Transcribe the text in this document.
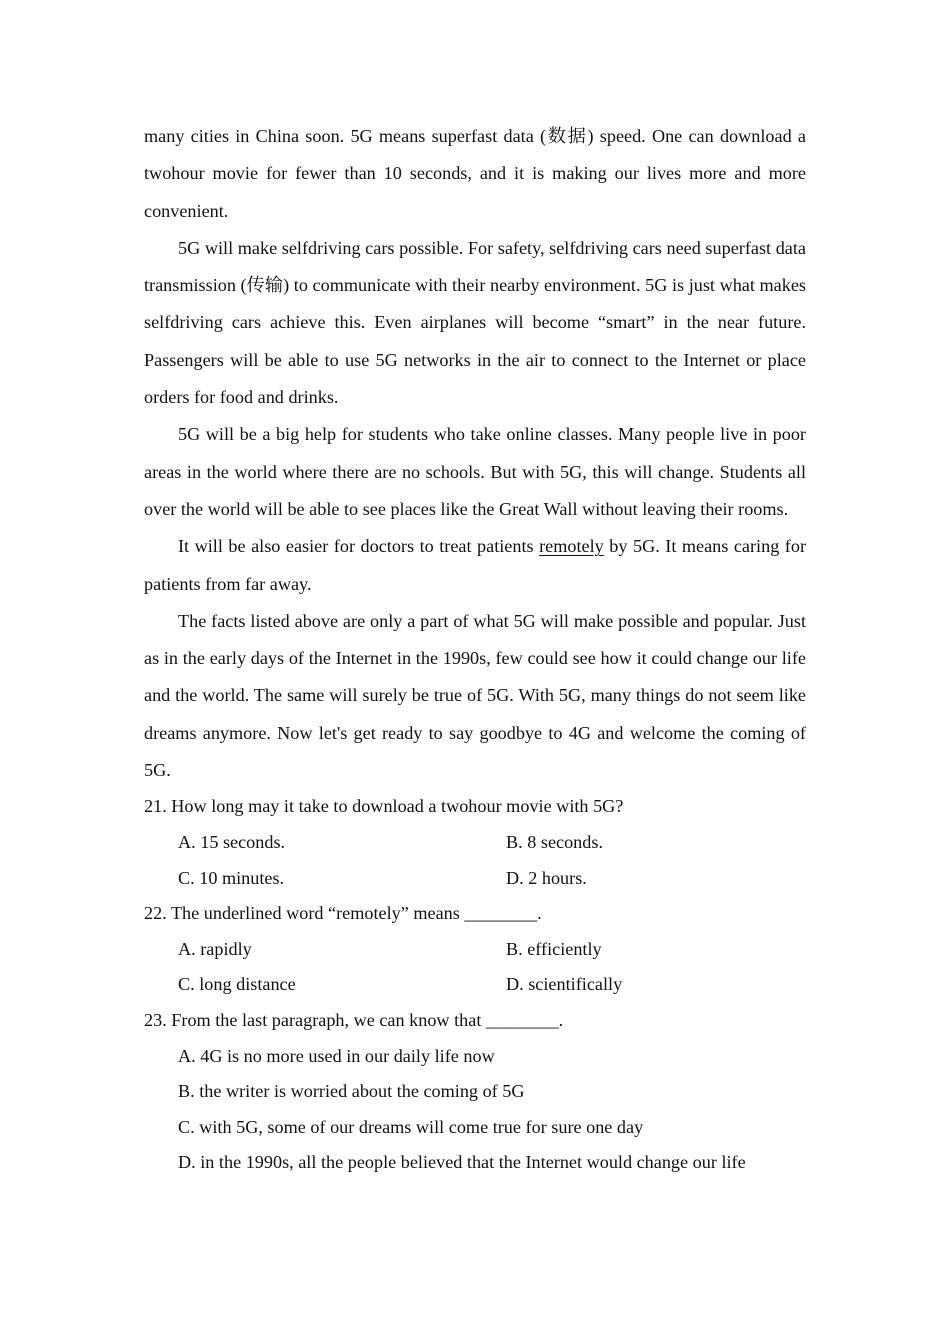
many cities in China soon. 5G means superfast data (数据) speed. One can download a twohour movie for fewer than 10 seconds, and it is making our lives more and more convenient.

5G will make selfdriving cars possible. For safety, selfdriving cars need superfast data transmission (传输) to communicate with their nearby environment. 5G is just what makes selfdriving cars achieve this. Even airplanes will become “smart” in the near future. Passengers will be able to use 5G networks in the air to connect to the Internet or place orders for food and drinks.

5G will be a big help for students who take online classes. Many people live in poor areas in the world where there are no schools. But with 5G, this will change. Students all over the world will be able to see places like the Great Wall without leaving their rooms.

It will be also easier for doctors to treat patients remotely by 5G. It means caring for patients from far away.

The facts listed above are only a part of what 5G will make possible and popular. Just as in the early days of the Internet in the 1990s, few could see how it could change our life and the world. The same will surely be true of 5G. With 5G, many things do not seem like dreams anymore. Now let's get ready to say goodbye to 4G and welcome the coming of 5G.

21. How long may it take to download a twohour movie with 5G?
A. 15 seconds.	B. 8 seconds.
C. 10 minutes.	D. 2 hours.
22. The underlined word “remotely” means ________.
A. rapidly	B. efficiently
C. long distance	D. scientifically
23. From the last paragraph, we can know that ________.
A. 4G is no more used in our daily life now
B. the writer is worried about the coming of 5G
C. with 5G, some of our dreams will come true for sure one day
D. in the 1990s, all the people believed that the Internet would change our life
